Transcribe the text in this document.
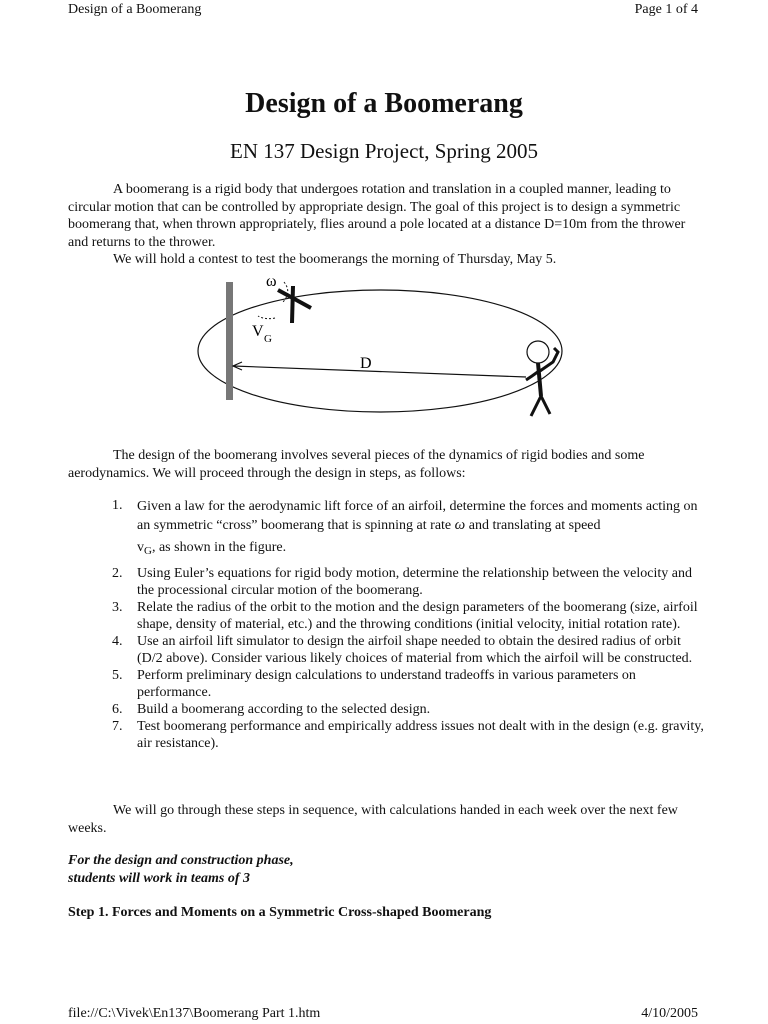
Design of a Boomerang	Page 1 of 4
Design of a Boomerang
EN 137 Design Project, Spring 2005

A boomerang is a rigid body that undergoes rotation and translation in a coupled manner, leading to circular motion that can be controlled by appropriate design. The goal of this project is to design a symmetric boomerang that, when thrown appropriately, flies around a pole located at a distance D=10m from the thrower and returns to the thrower.

We will hold a contest to test the boomerangs the morning of Thursday, May 5.

D
ω
V G

The design of the boomerang involves several pieces of the dynamics of rigid bodies and some aerodynamics. We will proceed through the design in steps, as follows:

1. Given a law for the aerodynamic lift force of an airfoil, determine the forces and moments acting on an symmetric “cross” boomerang that is spinning at rate ω and translating at speed
$v_G$, as shown in the figure.
2. Using Euler’s equations for rigid body motion, determine the relationship between the velocity and the processional circular motion of the boomerang.
3. Relate the radius of the orbit to the motion and the design parameters of the boomerang (size, airfoil shape, density of material, etc.) and the throwing conditions (initial velocity, initial rotation rate).
4. Use an airfoil lift simulator to design the airfoil shape needed to obtain the desired radius of orbit (D/2 above). Consider various likely choices of material from which the airfoil will be constructed.
5. Perform preliminary design calculations to understand tradeoffs in various parameters on performance.
6. Build a boomerang according to the selected design.
7. Test boomerang performance and empirically address issues not dealt with in the design (e.g. gravity, air resistance).

We will go through these steps in sequence, with calculations handed in each week over the next few weeks.

For the design and construction phase,
students will work in teams of 3
Step 1. Forces and Moments on a Symmetric Cross-shaped Boomerang
file://C:\Vivek\En137\Boomerang Part 1.htm	4/10/2005
